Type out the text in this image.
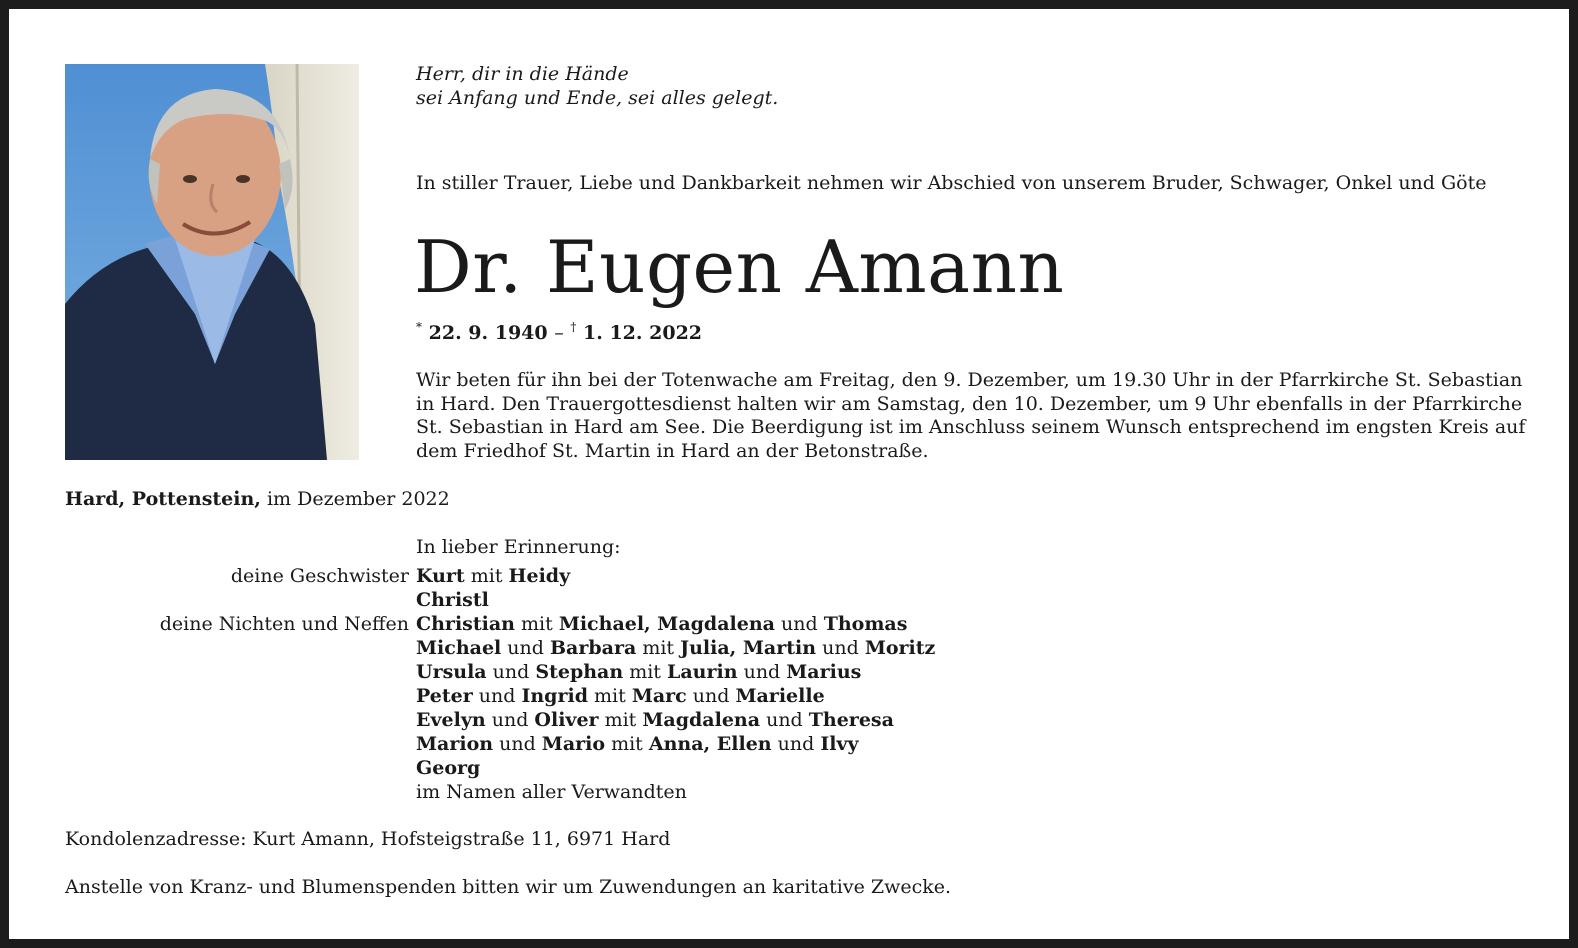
Herr, dir in die Hände
sei Anfang und Ende, sei alles gelegt.
In stiller Trauer, Liebe und Dankbarkeit nehmen wir Abschied von unserem Bruder, Schwager, Onkel und Göte
Dr. Eugen Amann
* 22. 9. 1940 – † 1. 12. 2022
Wir beten für ihn bei der Totenwache am Freitag, den 9. Dezember, um 19.30 Uhr in der Pfarrkirche St. Sebastian
in Hard. Den Trauergottesdienst halten wir am Samstag, den 10. Dezember, um 9 Uhr ebenfalls in der Pfarrkirche
St. Sebastian in Hard am See. Die Beerdigung ist im Anschluss seinem Wunsch entsprechend im engsten Kreis auf
dem Friedhof St. Martin in Hard an der Betonstraße.
Hard, Pottenstein, im Dezember 2022
In lieber Erinnerung:
deine Geschwister Kurt mit Heidy
Christl
deine Nichten und Neffen Christian mit Michael, Magdalena und Thomas
Michael und Barbara mit Julia, Martin und Moritz
Ursula und Stephan mit Laurin und Marius
Peter und Ingrid mit Marc und Marielle
Evelyn und Oliver mit Magdalena und Theresa
Marion und Mario mit Anna, Ellen und Ilvy
Georg
im Namen aller Verwandten
Kondolenzadresse: Kurt Amann, Hofsteigstraße 11, 6971 Hard
Anstelle von Kranz- und Blumenspenden bitten wir um Zuwendungen an karitative Zwecke.
